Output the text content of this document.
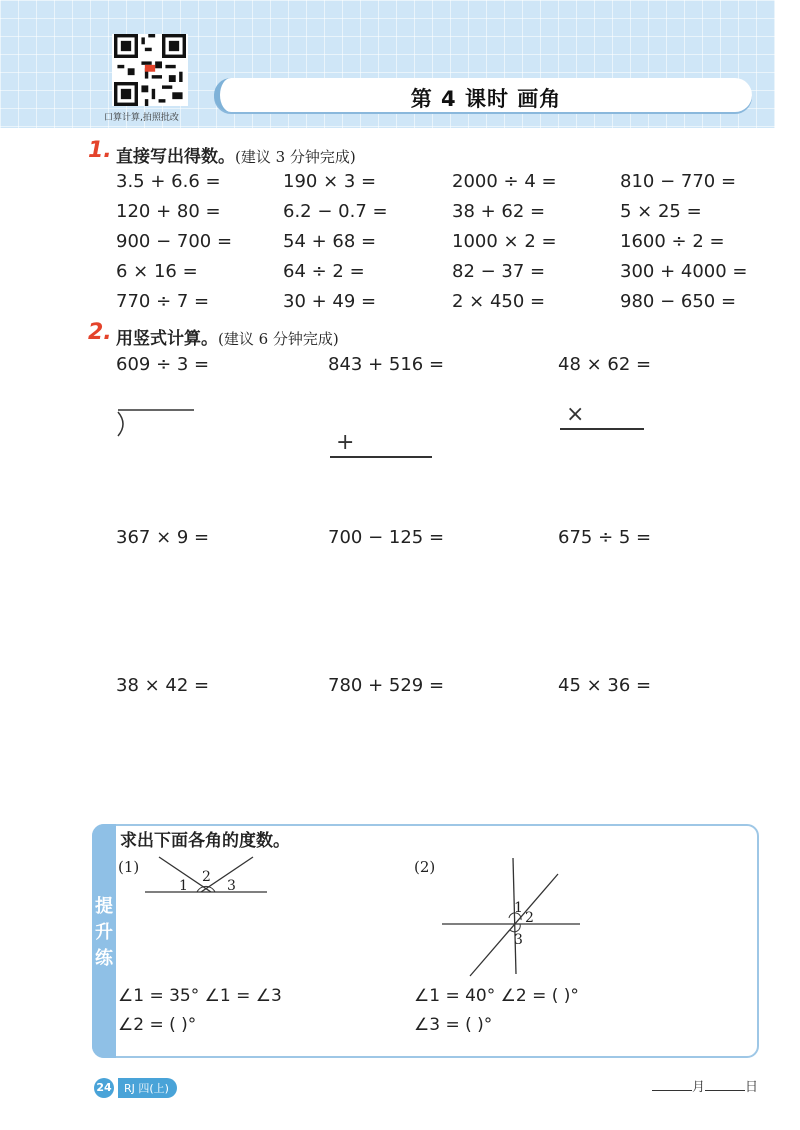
口算计算,拍照批改
第 4 课时 画角
1. 直接写出得数。(建议 3 分钟完成)
3.5 + 6.6 =	190 × 3 =	2000 ÷ 4 =	810 − 770 =
120 + 80 =	6.2 − 0.7 =	38 + 62 =	5 × 25 =
900 − 700 =	54 + 68 =	1000 × 2 =	1600 ÷ 2 =
6 × 16 =	64 ÷ 2 =	82 − 37 =	300 + 4000 =
770 ÷ 7 =	30 + 49 =	2 × 450 =	980 − 650 =
2. 用竖式计算。(建议 6 分钟完成)
609 ÷ 3 =	843 + 516 =	48 × 62 =
+
×
367 × 9 =	700 − 125 =	675 ÷ 5 =
38 × 42 =	780 + 529 =	45 × 36 =
提升练
求出下面各角的度数。
(1)
1
2
3
∠1 = 35° ∠1 = ∠3
∠2 = ( )°
(2)
1
2
3
∠1 = 40° ∠2 = ( )°
∠3 = ( )°
24	RJ 四(上)	月	日
